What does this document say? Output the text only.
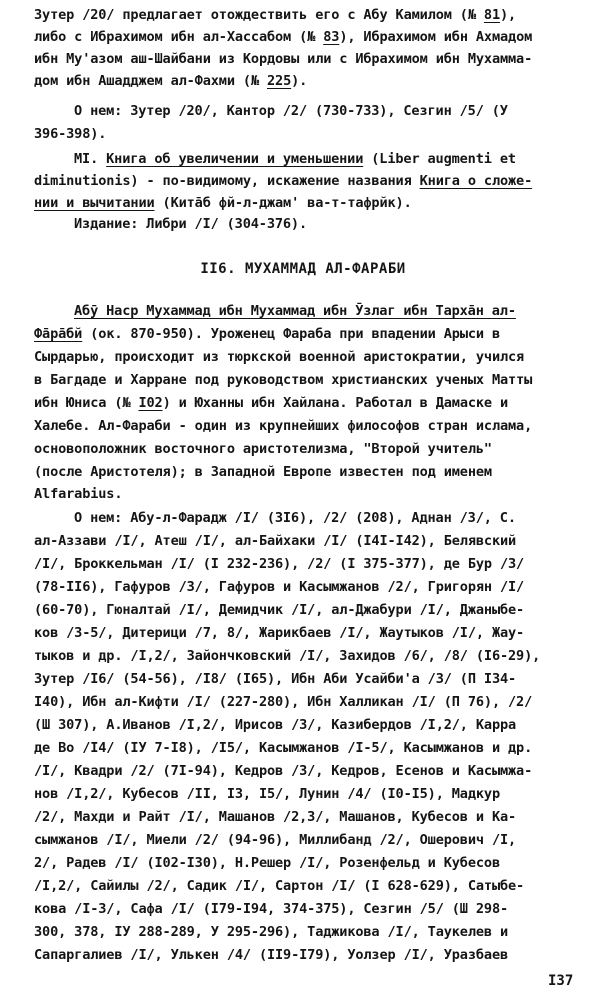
Зутер /20/ предлагает отождествить его с Абу Камилом (№ 81),
либо с Ибрахимом ибн ал-Хассабом (№ 83), Ибрахимом ибн Ахмадом
ибн Му'азом аш-Шайбани из Кордовы или с Ибрахимом ибн Мухамма-
дом ибн Ашадджем ал-Фахми (№ 225).
О нем: Зутер /20/, Кантор /2/ (730-733), Сезгин /5/ (У
396-398).
MI. Книга об увеличении и уменьшении (Liber augmenti et
diminutionis) - по-видимому, искажение названия Книга о сложе-
нии и вычитании (Китāб фй-л-джам' ва-т-тафрйк).
Издание: Либри /I/ (304-376).
II6. МУХАММАД АЛ-ФАРАБИ
Абӯ Наср Мухаммад ибн Мухаммад ибн Ӯзлаг ибн Тархāн ал-
Фāрāбй (ок. 870-950). Уроженец Фараба при впадении Арыси в
Сырдарью, происходит из тюркской военной аристократии, учился
в Багдаде и Харране под руководством христианских ученых Матты
ибн Юниса (№ I02) и Юханны ибн Хайлана. Работал в Дамаске и
Халебе. Ал-Фараби - один из крупнейших философов стран ислама,
основоположник восточного аристотелизма, "Второй учитель"
(после Аристотеля); в Западной Европе известен под именем
Alfarabius.
О нем: Абу-л-Фарадж /I/ (3I6), /2/ (208), Аднан /3/, С.
ал-Аззави /I/, Атеш /I/, ал-Байхаки /I/ (I4I-I42), Белявский
/I/, Броккельман /I/ (I 232-236), /2/ (I 375-377), де Бур /3/
(78-II6), Гафуров /3/, Гафуров и Касымжанов /2/, Григорян /I/
(60-70), Гюналтай /I/, Демидчик /I/, ал-Джабури /I/, Джаныбе-
ков /3-5/, Дитерици /7, 8/, Жарикбаев /I/, Жаутыков /I/, Жау-
тыков и др. /I,2/, Зайончковский /I/, Захидов /6/, /8/ (I6-29),
Зутер /I6/ (54-56), /I8/ (I65), Ибн Аби Усайби'а /3/ (П I34-
I40), Ибн ал-Кифти /I/ (227-280), Ибн Халликан /I/ (П 76), /2/
(Ш 307), А.Иванов /I,2/, Ирисов /3/, Казибердов /I,2/, Карра
де Во /I4/ (IУ 7-I8), /I5/, Касымжанов /I-5/, Касымжанов и др.
/I/, Квадри /2/ (7I-94), Кедров /3/, Кедров, Есенов и Касымжа-
нов /I,2/, Кубесов /II, I3, I5/, Лунин /4/ (I0-I5), Мадкур
/2/, Махди и Райт /I/, Машанов /2,3/, Машанов, Кубесов и Ка-
сымжанов /I/, Миели /2/ (94-96), Миллибанд /2/, Ошерович /I,
2/, Радев /I/ (I02-I30), Н.Решер /I/, Розенфельд и Кубесов
/I,2/, Сайилы /2/, Садик /I/, Сартон /I/ (I 628-629), Сатыбе-
кова /I-3/, Сафа /I/ (I79-I94, 374-375), Сезгин /5/ (Ш 298-
300, 378, IУ 288-289, У 295-296), Таджикова /I/, Таукелев и
Сапаргалиев /I/, Улькен /4/ (II9-I79), Уолзер /I/, Уразбаев
I37
